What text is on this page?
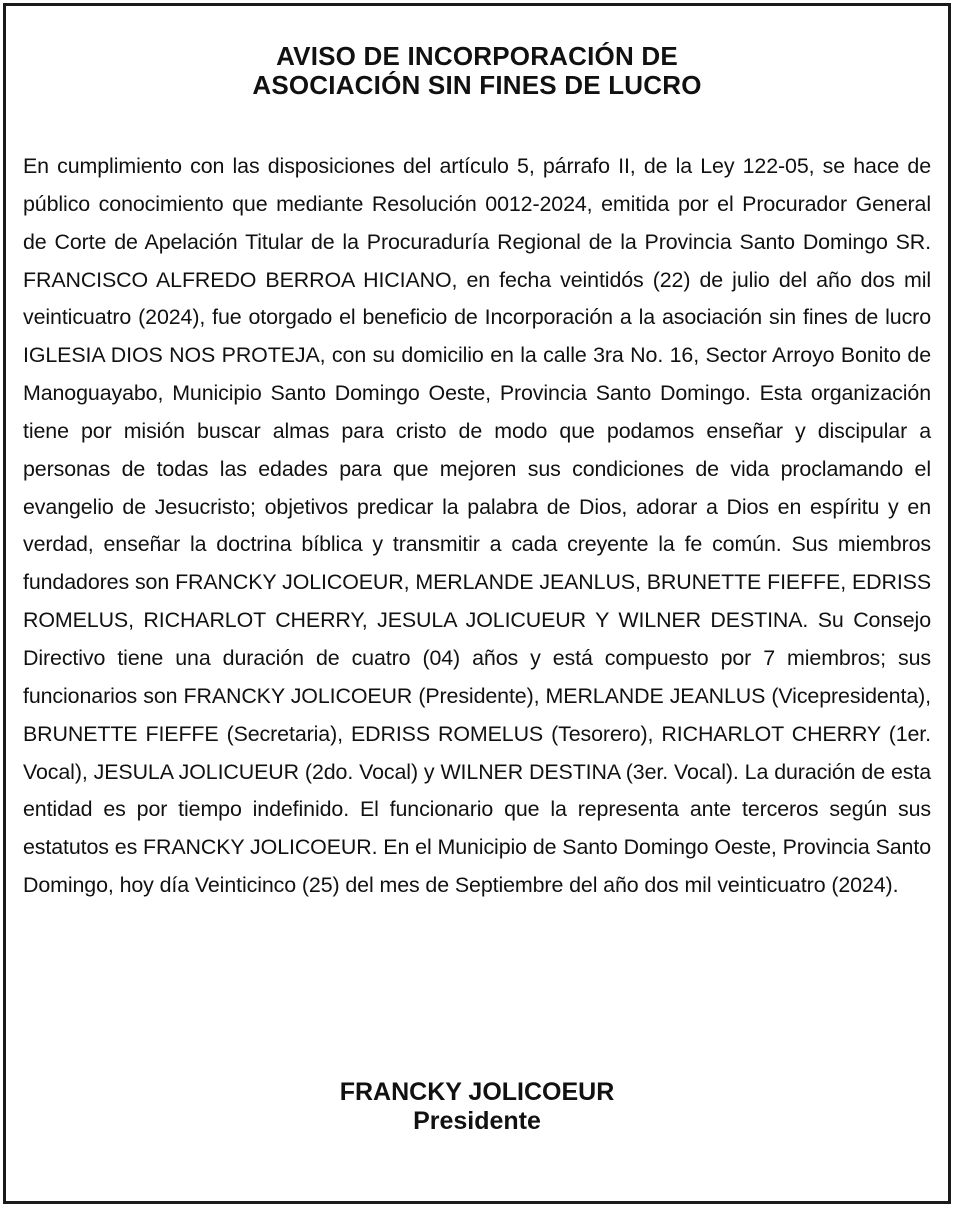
AVISO DE INCORPORACIÓN DE
ASOCIACIÓN SIN FINES DE LUCRO

En cumplimiento con las disposiciones del artículo 5, párrafo II, de la Ley 122-05, se hace de público conocimiento que mediante Resolución 0012-2024, emitida por el Procurador General de Corte de Apelación Titular de la Procuraduría Regional de la Provincia Santo Domingo SR. FRANCISCO ALFREDO BERROA HICIANO, en fecha veintidós (22) de julio del año dos mil veinticuatro (2024), fue otorgado el beneficio de Incorporación a la asociación sin fines de lucro IGLESIA DIOS NOS PROTEJA, con su domicilio en la calle 3ra No. 16, Sector Arroyo Bonito de Manoguayabo, Municipio Santo Domingo Oeste, Provincia Santo Domingo. Esta organización tiene por misión buscar almas para cristo de modo que podamos enseñar y discipular a personas de todas las edades para que mejoren sus condiciones de vida proclamando el evangelio de Jesucristo; objetivos predicar la palabra de Dios, adorar a Dios en espíritu y en verdad, enseñar la doctrina bíblica y transmitir a cada creyente la fe común. Sus miembros fundadores son FRANCKY JOLICOEUR, MERLANDE JEANLUS, BRUNETTE FIEFFE, EDRISS ROMELUS, RICHARLOT CHERRY, JESULA JOLICUEUR Y WILNER DESTINA. Su Consejo Directivo tiene una duración de cuatro (04) años y está compuesto por 7 miembros; sus funcionarios son FRANCKY JOLICOEUR (Presidente), MERLANDE JEANLUS (Vicepresidenta), BRUNETTE FIEFFE (Secretaria), EDRISS ROMELUS (Tesorero), RICHARLOT CHERRY (1er. Vocal), JESULA JOLICUEUR (2do. Vocal) y WILNER DESTINA (3er. Vocal). La duración de esta entidad es por tiempo indefinido. El funcionario que la representa ante terceros según sus estatutos es FRANCKY JOLICOEUR. En el Municipio de Santo Domingo Oeste, Provincia Santo Domingo, hoy día Veinticinco (25) del mes de Septiembre del año dos mil veinticuatro (2024).

FRANCKY JOLICOEUR
Presidente
